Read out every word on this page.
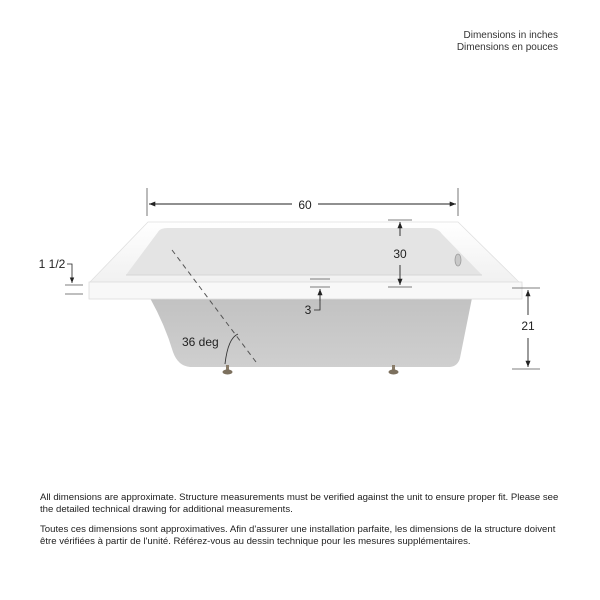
Dimensions in inches
Dimensions en pouces
60
30
3
1 1/2
21
36 deg

All dimensions are approximate. Structure measurements must be verified against the unit to ensure proper fit. Please see the detailed technical drawing for additional measurements.

Toutes ces dimensions sont approximatives. Afin d'assurer une installation parfaite, les dimensions de la structure doivent être vérifiées à partir de l'unité. Référez-vous au dessin technique pour les mesures supplémentaires.
